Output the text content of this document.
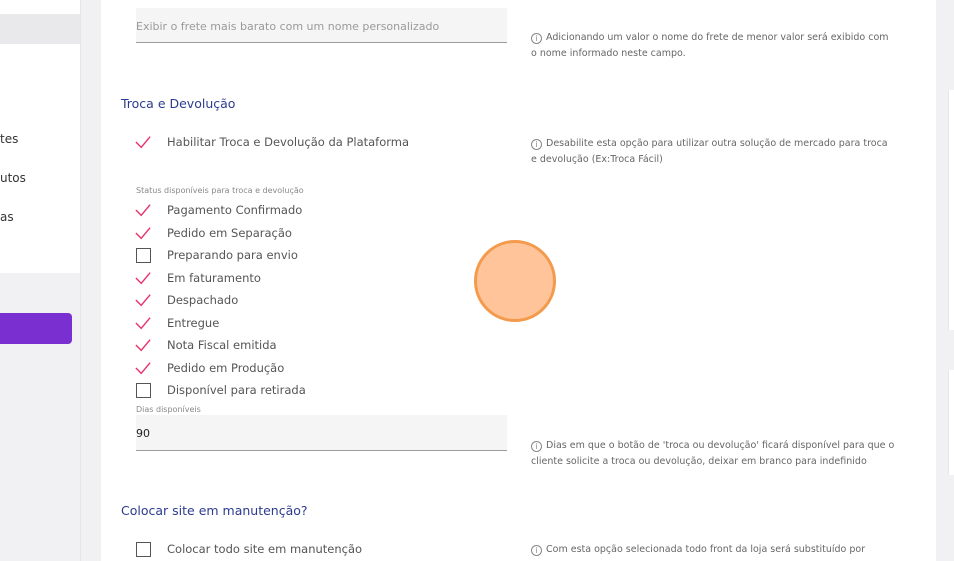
tes
utos
as
Exibir o frete mais barato com um nome personalizado
i Adicionando um valor o nome do frete de menor valor será exibido com o nome informado neste campo.
Troca e Devolução
Habilitar Troca e Devolução da Plataforma	i Desabilite esta opção para utilizar outra solução de mercado para troca e devolução (Ex:Troca Fácil)
Status disponíveis para troca e devolução
Pagamento Confirmado
Pedido em Separação
Preparando para envio
Em faturamento
Despachado
Entregue
Nota Fiscal emitida
Pedido em Produção
Disponível para retirada
Dias disponíveis
90
i Dias em que o botão de 'troca ou devolução' ficará disponível para que o cliente solicite a troca ou devolução, deixar em branco para indefinido
Colocar site em manutenção?
Colocar todo site em manutenção	i Com esta opção selecionada todo front da loja será substituído por
